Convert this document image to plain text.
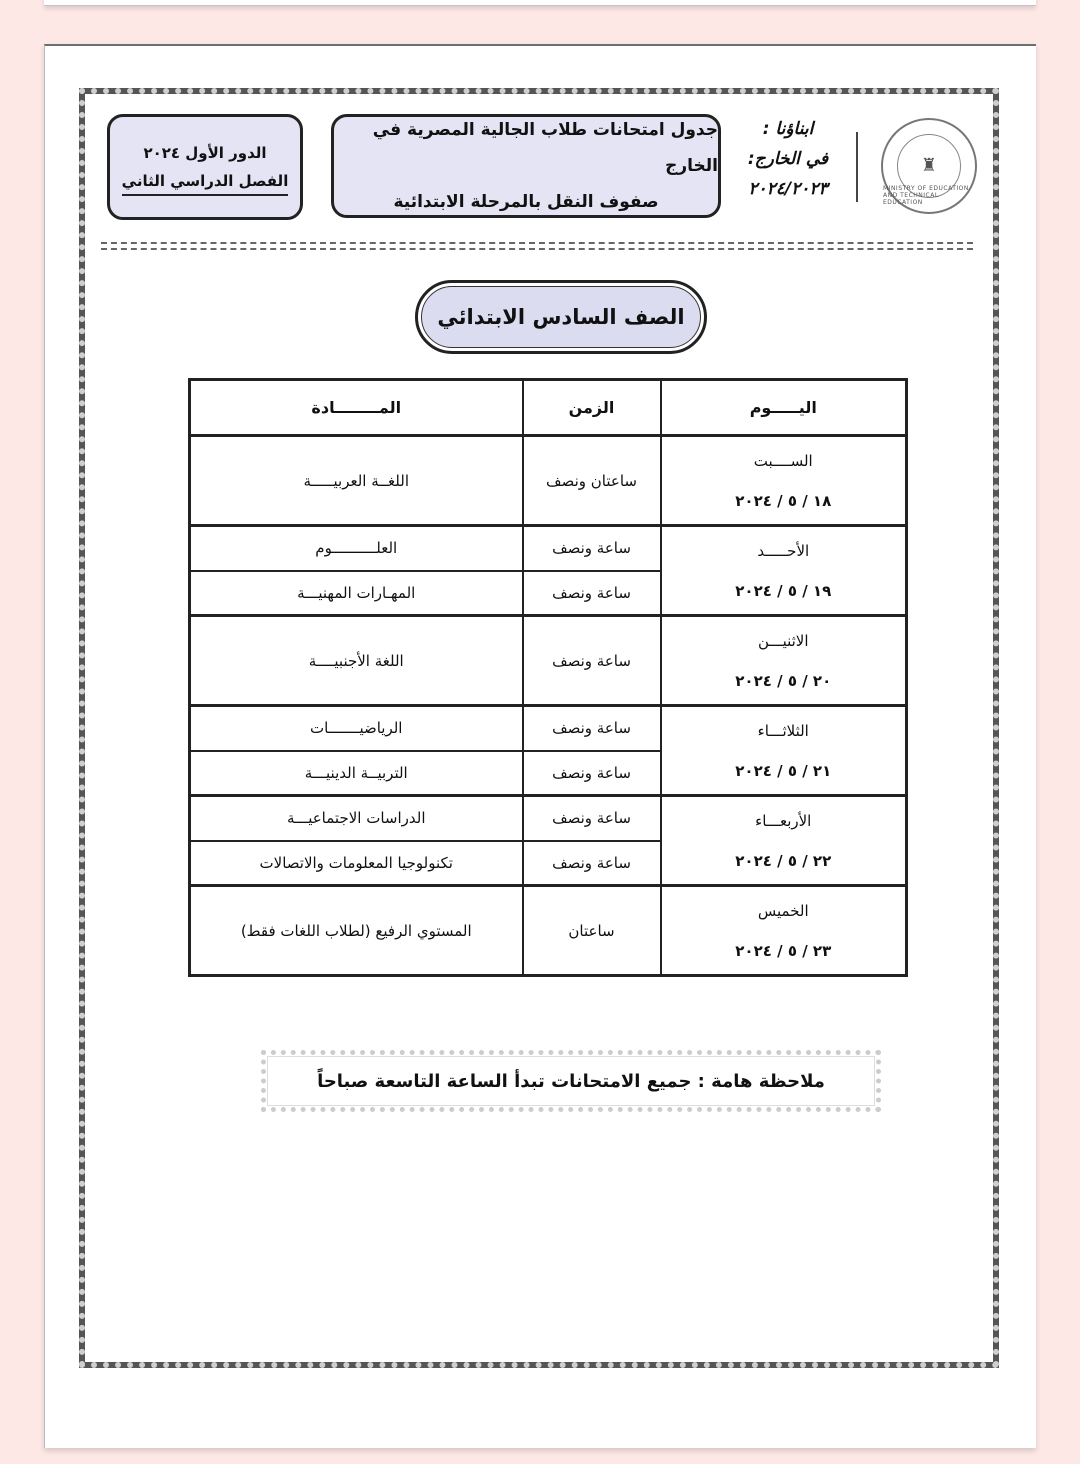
♜
MINISTRY OF EDUCATION AND TECHNICAL EDUCATION
ابناؤنا :
في الخارج:
٢٠٢٤/٢٠٢٣
جدول امتحانات طلاب الجالية المصرية في الخارج
صفوف النقل بالمرحلة الابتدائية
الدور الأول ٢٠٢٤
الفصل الدراسي الثاني
الصف السادس الابتدائي
اليـــــوم	الزمن	المــــــــادة

الســــبت
١٨ / ٥ / ٢٠٢٤	ساعتان ونصف	اللغــة العربيـــــة

الأحـــــد
١٩ / ٥ / ٢٠٢٤	ساعة ونصف	العلــــــــــوم
	ساعة ونصف	المهـارات المهنيـــة

الاثنيـــن
٢٠ / ٥ / ٢٠٢٤	ساعة ونصف	اللغة الأجنبيــــة

الثلاثـــاء
٢١ / ٥ / ٢٠٢٤	ساعة ونصف	الرياضيـــــــات
	ساعة ونصف	التربيــة الدينيـــة

الأربعـــاء
٢٢ / ٥ / ٢٠٢٤	ساعة ونصف	الدراسات الاجتماعيـــة
	ساعة ونصف	تكنولوجيا المعلومات والاتصالات

الخميس
٢٣ / ٥ / ٢٠٢٤	ساعتان	المستوي الرفيع (لطلاب اللغات فقط)
ملاحظة هامة : جميع الامتحانات تبدأ الساعة التاسعة صباحاً
